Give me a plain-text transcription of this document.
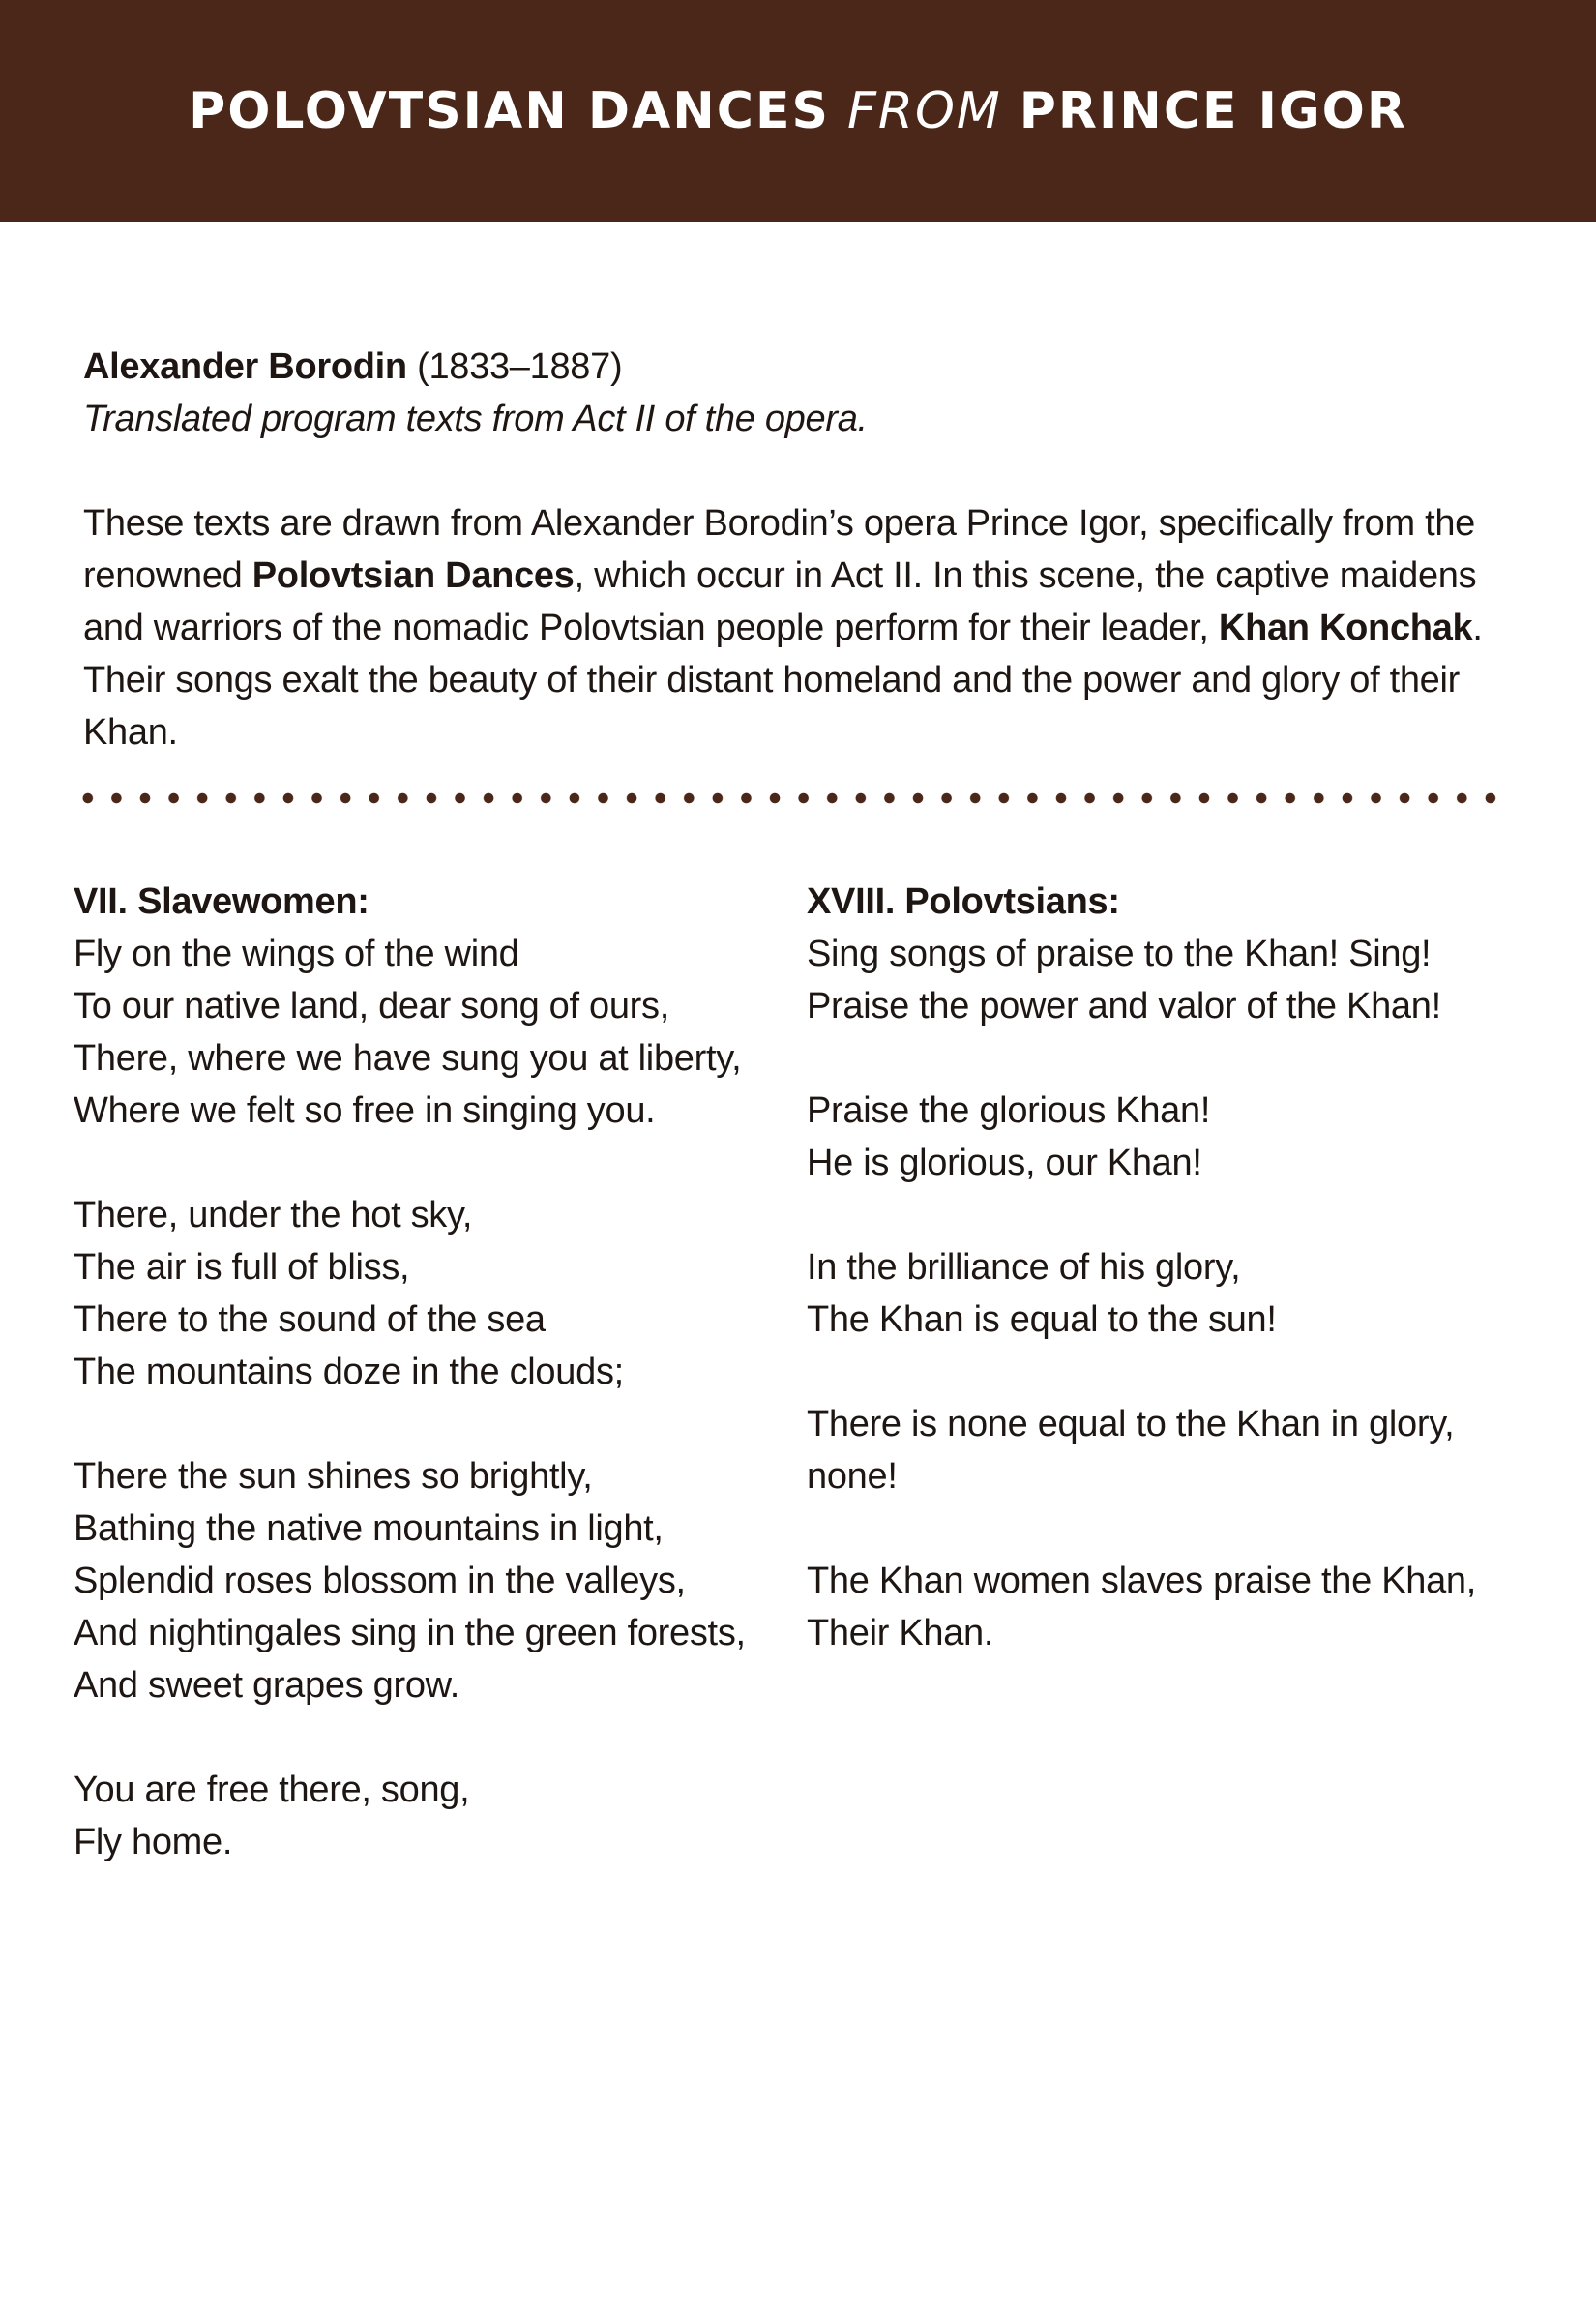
POLOVTSIAN DANCES FROM PRINCE IGOR
Alexander Borodin (1833–1887)
Translated program texts from Act II of the opera.
These texts are drawn from Alexander Borodin’s opera Prince Igor, specifically from the renowned Polovtsian Dances, which occur in Act II. In this scene, the captive maidens and warriors of the nomadic Polovtsian people perform for their leader, Khan Konchak. Their songs exalt the beauty of their distant homeland and the power and glory of their Khan.
VII. Slavewomen:
Fly on the wings of the wind
To our native land, dear song of ours,
There, where we have sung you at liberty,
Where we felt so free in singing you.
There, under the hot sky,
The air is full of bliss,
There to the sound of the sea
The mountains doze in the clouds;
There the sun shines so brightly,
Bathing the native mountains in light,
Splendid roses blossom in the valleys,
And nightingales sing in the green forests,
And sweet grapes grow.
You are free there, song,
Fly home.
XVIII. Polovtsians:
Sing songs of praise to the Khan! Sing!
Praise the power and valor of the Khan!
Praise the glorious Khan!
He is glorious, our Khan!
In the brilliance of his glory,
The Khan is equal to the sun!
There is none equal to the Khan in glory,
none!
The Khan women slaves praise the Khan,
Their Khan.
